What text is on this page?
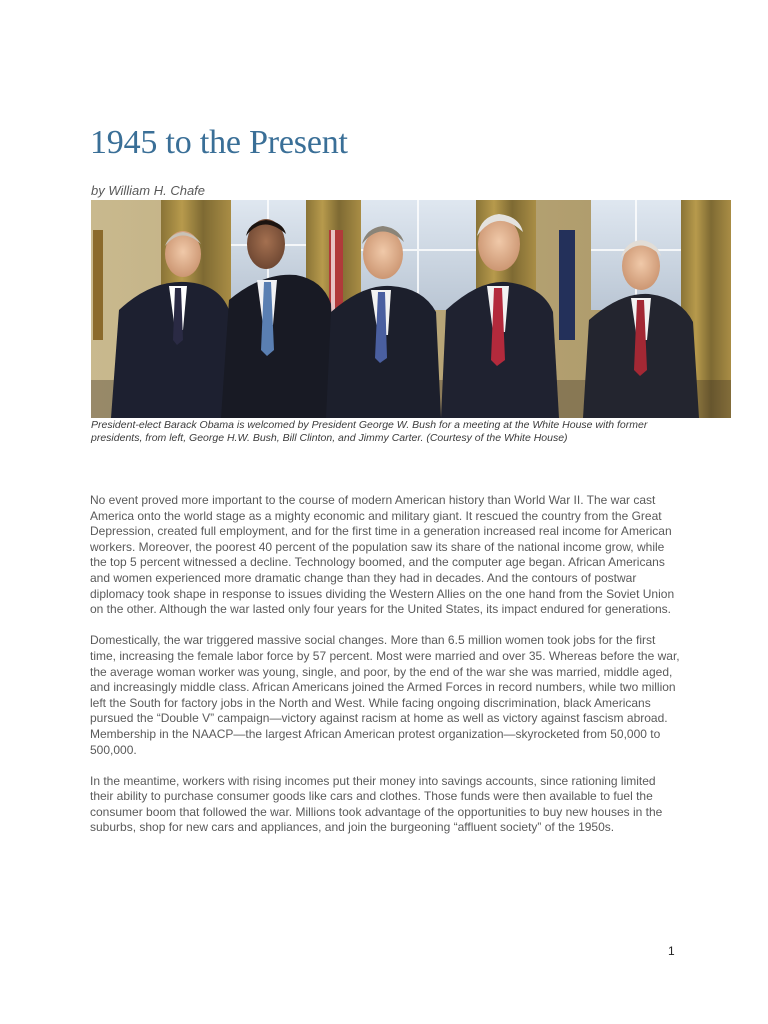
1945 to the Present
by William H. Chafe

President-elect Barack Obama is welcomed by President George W. Bush for a meeting at the White House with former presidents, from left, George H.W. Bush, Bill Clinton, and Jimmy Carter. (Courtesy of the White House)

No event proved more important to the course of modern American history than World War II. The war cast America onto the world stage as a mighty economic and military giant. It rescued the country from the Great Depression, created full employment, and for the first time in a generation increased real income for American workers. Moreover, the poorest 40 percent of the population saw its share of the national income grow, while the top 5 percent witnessed a decline. Technology boomed, and the computer age began. African Americans and women experienced more dramatic change than they had in decades. And the contours of postwar diplomacy took shape in response to issues dividing the Western Allies on the one hand from the Soviet Union on the other. Although the war lasted only four years for the United States, its impact endured for generations.

Domestically, the war triggered massive social changes. More than 6.5 million women took jobs for the first time, increasing the female labor force by 57 percent. Most were married and over 35. Whereas before the war, the average woman worker was young, single, and poor, by the end of the war she was married, middle aged, and increasingly middle class. African Americans joined the Armed Forces in record numbers, while two million left the South for factory jobs in the North and West. While facing ongoing discrimination, black Americans pursued the “Double V” campaign—victory against racism at home as well as victory against fascism abroad. Membership in the NAACP—the largest African American protest organization—skyrocketed from 50,000 to 500,000.

In the meantime, workers with rising incomes put their money into savings accounts, since rationing limited their ability to purchase consumer goods like cars and clothes. Those funds were then available to fuel the consumer boom that followed the war. Millions took advantage of the opportunities to buy new houses in the suburbs, shop for new cars and appliances, and join the burgeoning “affluent society” of the 1950s.

1
